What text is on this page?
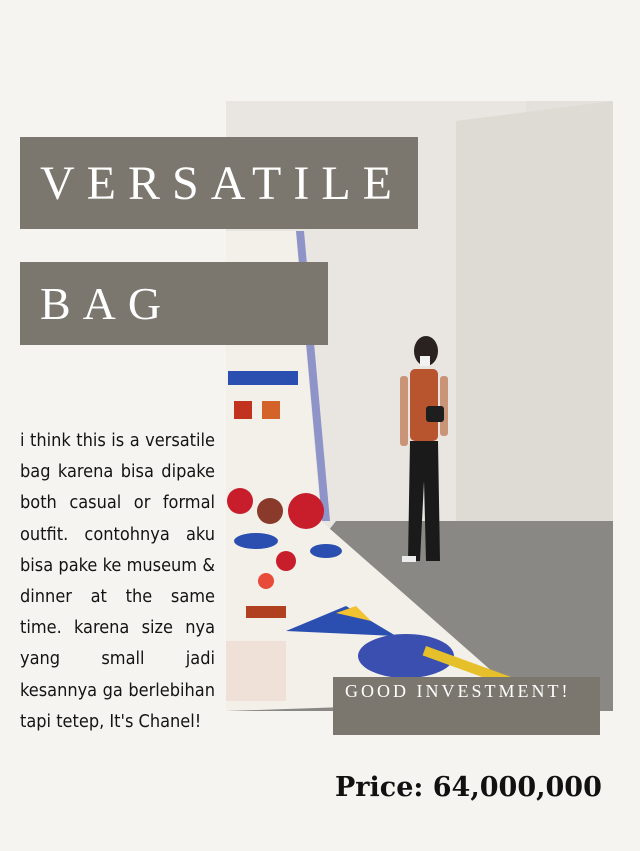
VERSATILE
BAG

i think this is a versatile bag karena bisa dipake both casual or formal outfit. contohnya aku bisa pake ke museum & dinner at the same time. karena size nya yang small jadi kesannya ga berlebihan tapi tetep, It's Chanel!

GOOD INVESTMENT!
Price: 64,000,000
